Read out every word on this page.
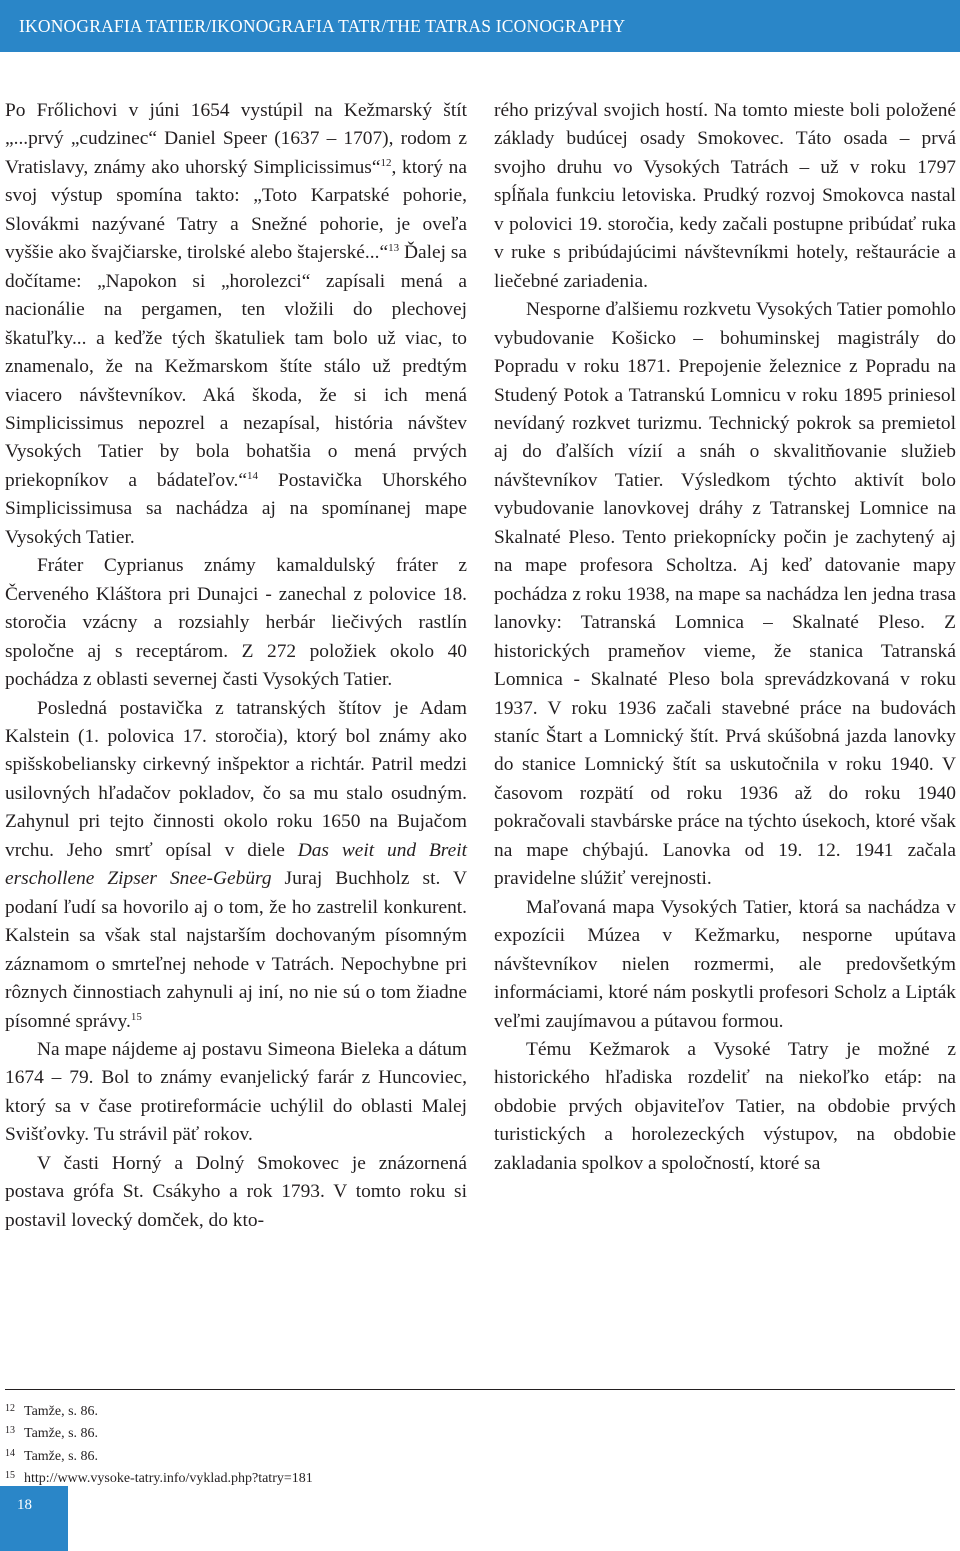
IKONOGRAFIA TATIER/IKONOGRAFIA TATR/THE TATRAS ICONOGRAPHY

Po Frőlichovi v júni 1654 vystúpil na Kežmarský štít „...prvý „cudzinec“ Daniel Speer (1637 – 1707), rodom z Vratislavy, známy ako uhorský Simplicissimus“$^{12}$, ktorý na svoj výstup spomína takto: „Toto Karpatské pohorie, Slovákmi nazývané Tatry a Snežné pohorie, je oveľa vyššie ako švajčiarske, tirolské alebo štajerské...“$^{13}$ Ďalej sa dočítame: „Napokon si „horolezci“ zapísali mená a nacionálie na pergamen, ten vložili do plechovej škatuľky... a keďže tých škatuliek tam bolo už viac, to znamenalo, že na Kežmarskom štíte stálo už predtým viacero návštevníkov. Aká škoda, že si ich mená Simplicissimus nepozrel a nezapísal, história návštev Vysokých Tatier by bola bohatšia o mená prvých priekopníkov a bádateľov.“$^{14}$ Postavička Uhorského Simplicissimusa sa nachádza aj na spomínanej mape Vysokých Tatier.

Fráter Cyprianus známy kamaldulský fráter z Červeného Kláštora pri Dunajci - zanechal z polovice 18. storočia vzácny a rozsiahly herbár liečivých rastlín spoločne aj s receptárom. Z 272 položiek okolo 40 pochádza z oblasti severnej časti Vysokých Tatier.

Posledná postavička z tatranských štítov je Adam Kalstein (1. polovica 17. storočia), ktorý bol známy ako spišskobeliansky cirkevný inšpektor a richtár. Patril medzi usilovných hľadačov pokladov, čo sa mu stalo osudným. Zahynul pri tejto činnosti okolo roku 1650 na Bujačom vrchu. Jeho smrť opísal v diele Das weit und Breit erschollene Zipser Snee-Gebürg Juraj Buchholz st. V podaní ľudí sa hovorilo aj o tom, že ho zastrelil konkurent. Kalstein sa však stal najstarším dochovaným písomným záznamom o smrteľnej nehode v Tatrách. Nepochybne pri rôznych činnostiach zahynuli aj iní, no nie sú o tom žiadne písomné správy.$^{15}$

Na mape nájdeme aj postavu Simeona Bieleka a dátum 1674 – 79. Bol to známy evanjelický farár z Huncoviec, ktorý sa v čase protireformácie uchýlil do oblasti Malej Svišťovky. Tu strávil päť rokov.

V časti Horný a Dolný Smokovec je znázornená postava grófa St. Csákyho a rok 1793. V tomto roku si postavil lovecký domček, do kto-

rého prizýval svojich hostí. Na tomto mieste boli položené základy budúcej osady Smokovec. Táto osada – prvá svojho druhu vo Vysokých Tatrách – už v roku 1797 spĺňala funkciu letoviska. Prudký rozvoj Smokovca nastal v polovici 19. storočia, kedy začali postupne pribúdať ruka v ruke s pribúdajúcimi návštevníkmi hotely, reštaurácie a liečebné zariadenia.

Nesporne ďalšiemu rozkvetu Vysokých Tatier pomohlo vybudovanie Košicko – bohuminskej magistrály do Popradu v roku 1871. Prepojenie železnice z Popradu na Studený Potok a Tatranskú Lomnicu v roku 1895 priniesol nevídaný rozkvet turizmu. Technický pokrok sa premietol aj do ďalších vízií a snáh o skvalitňovanie služieb návštevníkov Tatier. Výsledkom týchto aktivít bolo vybudovanie lanovkovej dráhy z Tatranskej Lomnice na Skalnaté Pleso. Tento priekopnícky počin je zachytený aj na mape profesora Scholtza. Aj keď datovanie mapy pochádza z roku 1938, na mape sa nachádza len jedna trasa lanovky: Tatranská Lomnica – Skalnaté Pleso. Z historických prameňov vieme, že stanica Tatranská Lomnica - Skalnaté Pleso bola sprevádzkovaná v roku 1937. V roku 1936 začali stavebné práce na budovách staníc Štart a Lomnický štít. Prvá skúšobná jazda lanovky do stanice Lomnický štít sa uskutočnila v roku 1940. V časovom rozpätí od roku 1936 až do roku 1940 pokračovali stavbárske práce na týchto úsekoch, ktoré však na mape chýbajú. Lanovka od 19. 12. 1941 začala pravidelne slúžiť verejnosti.

Maľovaná mapa Vysokých Tatier, ktorá sa nachádza v expozícii Múzea v Kežmarku, nesporne upútava návštevníkov nielen rozmermi, ale predovšetkým informáciami, ktoré nám poskytli profesori Scholz a Lipták veľmi zaujímavou a pútavou formou.

Tému Kežmarok a Vysoké Tatry je možné z historického hľadiska rozdeliť na niekoľko etáp: na obdobie prvých objaviteľov Tatier, na obdobie prvých turistických a horolezeckých výstupov, na obdobie zakladania spolkov a spoločností, ktoré sa

12 Tamže, s. 86.
13 Tamže, s. 86.
14 Tamže, s. 86.
15 http://www.vysoke-tatry.info/vyklad.php?tatry=181
18
